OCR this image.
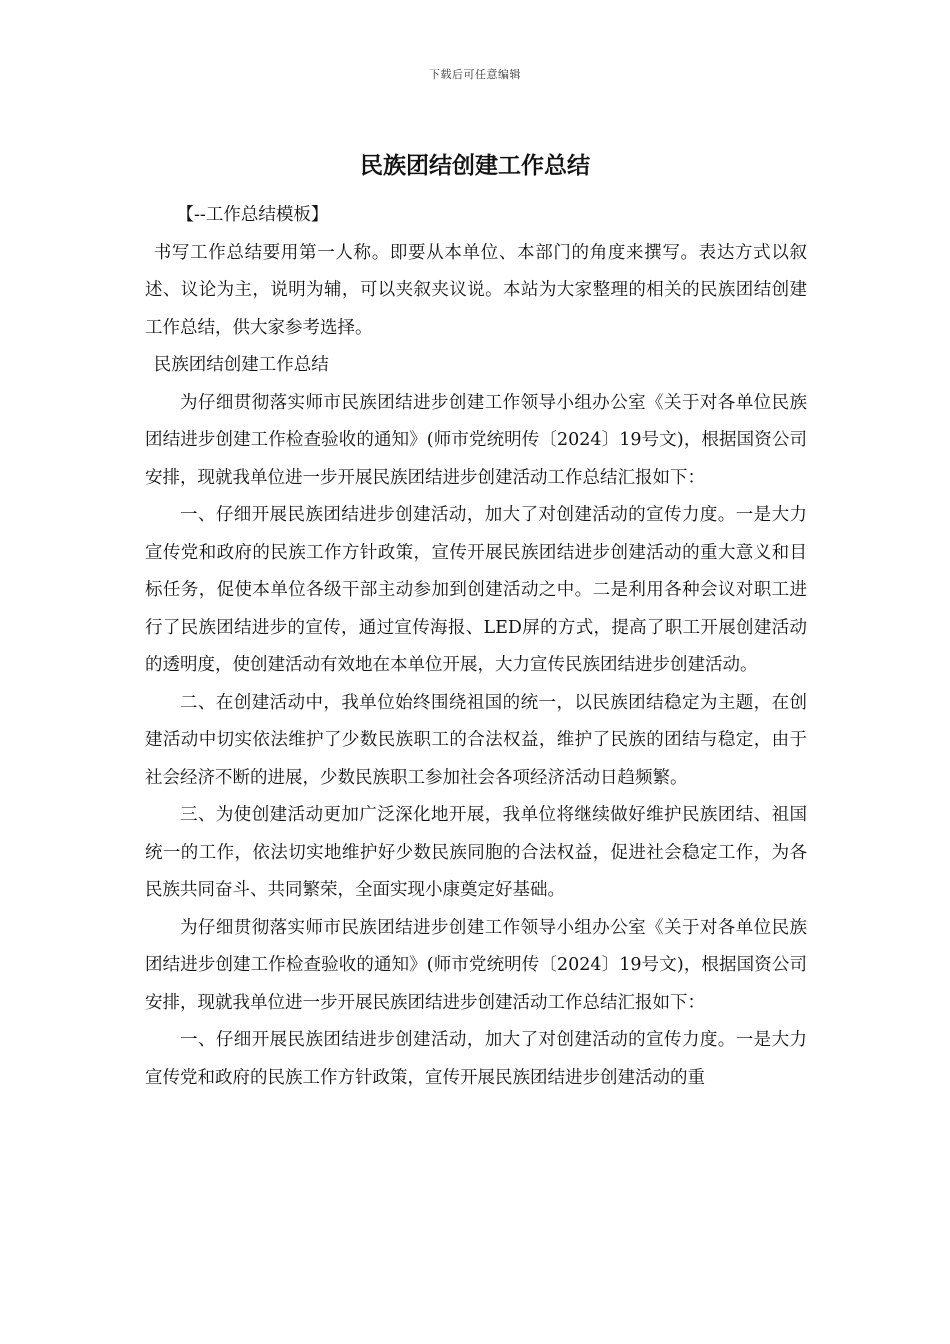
下载后可任意编辑
民族团结创建工作总结

【--工作总结模板】

书写工作总结要用第一人称。即要从本单位、本部门的角度来撰写。表达方式以叙述、议论为主，说明为辅，可以夹叙夹议说。本站为大家整理的相关的民族团结创建工作总结，供大家参考选择。

民族团结创建工作总结

为仔细贯彻落实师市民族团结进步创建工作领导小组办公室《关于对各单位民族团结进步创建工作检查验收的通知》(师市党统明传〔2024〕19号文)，根据国资公司安排，现就我单位进一步开展民族团结进步创建活动工作总结汇报如下：

一、仔细开展民族团结进步创建活动，加大了对创建活动的宣传力度。一是大力宣传党和政府的民族工作方针政策，宣传开展民族团结进步创建活动的重大意义和目标任务，促使本单位各级干部主动参加到创建活动之中。二是利用各种会议对职工进行了民族团结进步的宣传，通过宣传海报、LED屏的方式，提高了职工开展创建活动的透明度，使创建活动有效地在本单位开展，大力宣传民族团结进步创建活动。

二、在创建活动中，我单位始终围绕祖国的统一，以民族团结稳定为主题，在创建活动中切实依法维护了少数民族职工的合法权益，维护了民族的团结与稳定，由于社会经济不断的进展，少数民族职工参加社会各项经济活动日趋频繁。

三、为使创建活动更加广泛深化地开展，我单位将继续做好维护民族团结、祖国统一的工作，依法切实地维护好少数民族同胞的合法权益，促进社会稳定工作，为各民族共同奋斗、共同繁荣，全面实现小康奠定好基础。

为仔细贯彻落实师市民族团结进步创建工作领导小组办公室《关于对各单位民族团结进步创建工作检查验收的通知》(师市党统明传〔2024〕19号文)，根据国资公司安排，现就我单位进一步开展民族团结进步创建活动工作总结汇报如下：

一、仔细开展民族团结进步创建活动，加大了对创建活动的宣传力度。一是大力宣传党和政府的民族工作方针政策，宣传开展民族团结进步创建活动的重
